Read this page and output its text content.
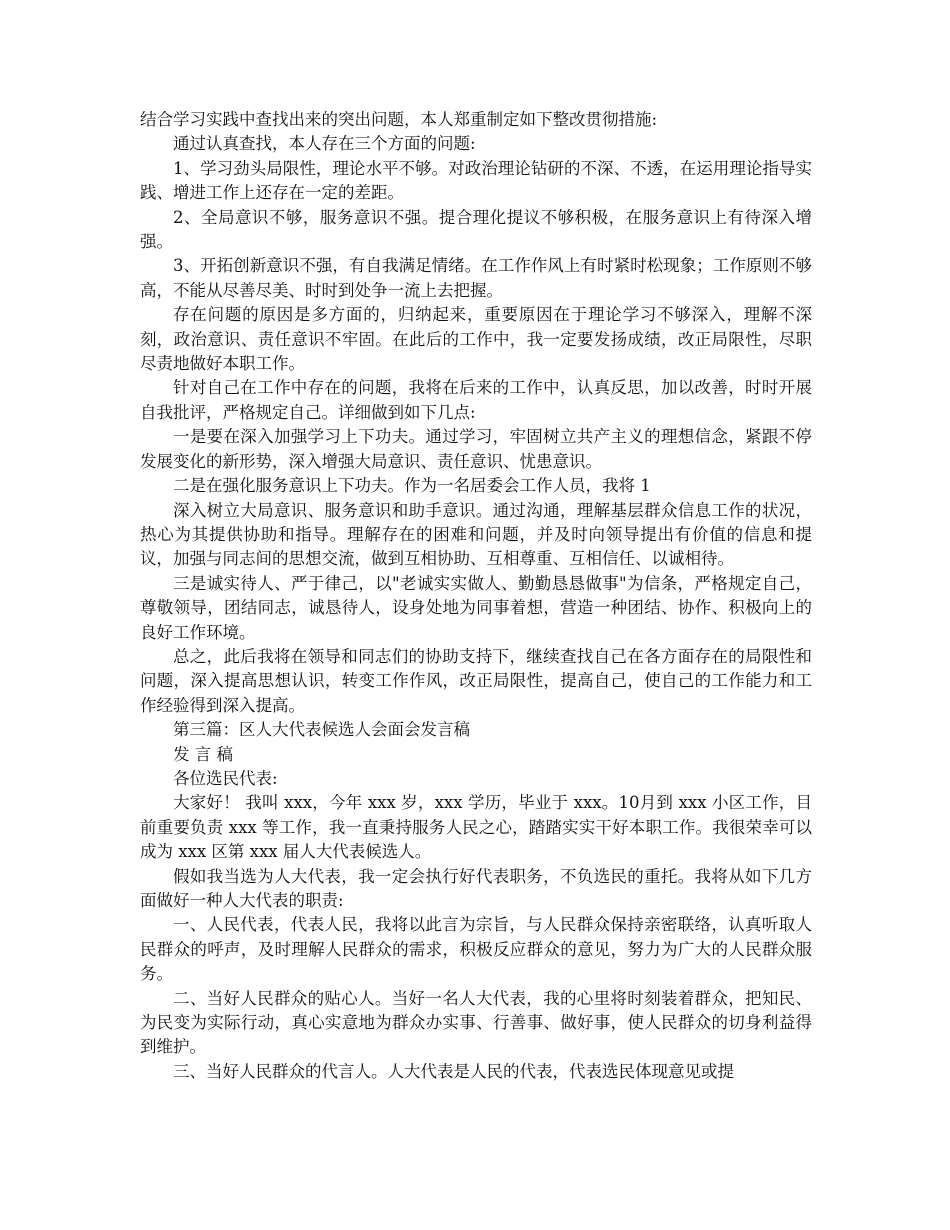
结合学习实践中查找出来的突出问题，本人郑重制定如下整改贯彻措施:

通过认真查找，本人存在三个方面的问题:

1、学习劲头局限性，理论水平不够。对政治理论钻研的不深、不透，在运用理论指导实践、增进工作上还存在一定的差距。

2、全局意识不够，服务意识不强。提合理化提议不够积极，在服务意识上有待深入增强。

3、开拓创新意识不强，有自我满足情绪。在工作作风上有时紧时松现象；工作原则不够高，不能从尽善尽美、时时到处争一流上去把握。

存在问题的原因是多方面的，归纳起来，重要原因在于理论学习不够深入，理解不深刻，政治意识、责任意识不牢固。在此后的工作中，我一定要发扬成绩，改正局限性，尽职尽责地做好本职工作。

针对自己在工作中存在的问题，我将在后来的工作中，认真反思，加以改善，时时开展自我批评，严格规定自己。详细做到如下几点:

一是要在深入加强学习上下功夫。通过学习，牢固树立共产主义的理想信念，紧跟不停发展变化的新形势，深入增强大局意识、责任意识、忧患意识。

二是在强化服务意识上下功夫。作为一名居委会工作人员，我将 1

深入树立大局意识、服务意识和助手意识。通过沟通，理解基层群众信息工作的状况，热心为其提供协助和指导。理解存在的困难和问题，并及时向领导提出有价值的信息和提议，加强与同志间的思想交流，做到互相协助、互相尊重、互相信任、以诚相待。

三是诚实待人、严于律己，以"老诚实实做人、勤勤恳恳做事"为信条，严格规定自己，尊敬领导，团结同志，诚恳待人，设身处地为同事着想，营造一种团结、协作、积极向上的良好工作环境。

总之，此后我将在领导和同志们的协助支持下，继续查找自己在各方面存在的局限性和问题，深入提高思想认识，转变工作作风，改正局限性，提高自己，使自己的工作能力和工作经验得到深入提高。

第三篇：区人大代表候选人会面会发言稿

发 言 稿

各位选民代表:

大家好！ 我叫 xxx，今年 xxx 岁，xxx 学历，毕业于 xxx。10月到 xxx 小区工作，目前重要负责 xxx 等工作，我一直秉持服务人民之心，踏踏实实干好本职工作。我很荣幸可以成为 xxx 区第 xxx 届人大代表候选人。

假如我当选为人大代表，我一定会执行好代表职务，不负选民的重托。我将从如下几方面做好一种人大代表的职责:

一、人民代表，代表人民，我将以此言为宗旨，与人民群众保持亲密联络，认真听取人民群众的呼声，及时理解人民群众的需求，积极反应群众的意见，努力为广大的人民群众服务。

二、当好人民群众的贴心人。当好一名人大代表，我的心里将时刻装着群众，把知民、为民变为实际行动，真心实意地为群众办实事、行善事、做好事，使人民群众的切身利益得到维护。

三、当好人民群众的代言人。人大代表是人民的代表，代表选民体现意见或提
